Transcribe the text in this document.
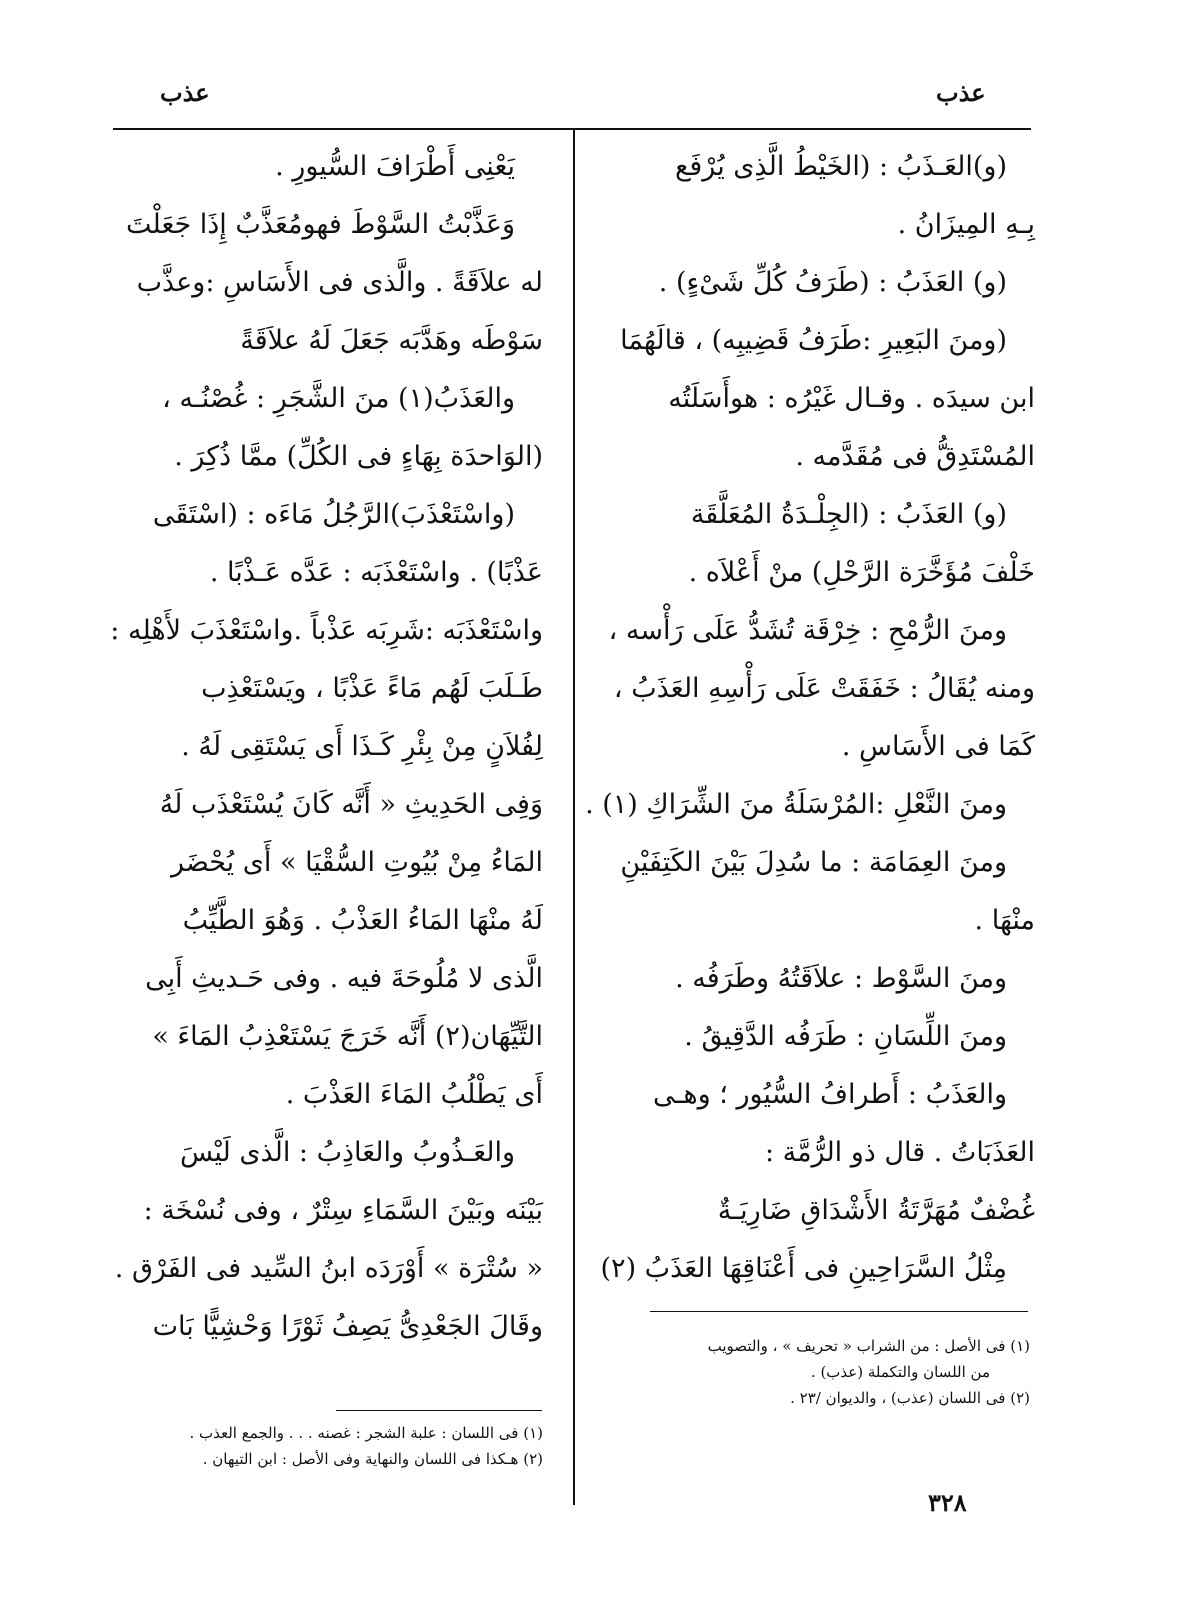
عذب
عذب
(و)العَـذَبُ : (الخَيْطُ الَّذِى يُرْفَع
بِـهِ المِيزَانُ .
(و) العَذَبُ : (طَرَفُ كُلِّ شَىْءٍ) .
(ومنَ البَعِيرِ :طَرَفُ قَضِيبِه) ، قالَهُمَا
ابن سيدَه . وقـال غَيْرُه : هوأَسَلَتُه
المُسْتَدِقُّ فى مُقَدَّمه .
(و) العَذَبُ : (الجِلْـدَةُ المُعَلَّقَة
خَلْفَ مُؤَخَّرَة الرَّحْلِ) منْ أَعْلاَه .
ومنَ الرُّمْحِ : خِرْقَة تُشَدُّ عَلَى رَأْسه ،
ومنه يُقَالُ : خَفَقَتْ عَلَى رَأْسِهِ العَذَبُ ،
كَمَا فى الأَسَاسِ .
ومنَ النَّعْلِ :المُرْسَلَةُ منَ الشِّرَاكِ (١) .
ومنَ العِمَامَة : ما سُدِلَ بَيْنَ الكَتِفَيْنِ
منْهَا .
ومنَ السَّوْط : علاَقَتُهُ وطَرَفُه .
ومنَ اللِّسَانِ : طَرَفُه الدَّقِيقُ .
والعَذَبُ : أَطرافُ السُّيُور ؛ وهـى
العَذَبَاتُ . قال ذو الرُّمَّة :
غُضْفٌ مُهَرَّتَةُ الأَشْدَاقِ ضَارِيَـةٌ
مِثْلُ السَّرَاحِينِ فى أَعْنَاقِهَا العَذَبُ (٢)
يَعْنِى أَطْرَافَ السُّيورِ .
وَعَذَّبْتُ السَّوْطَ فهومُعَذَّبٌ إِذَا جَعَلْتَ
له علاَقَةً . والَّذى فى الأَسَاسِ :وعذَّب
سَوْطَه وهَدَّبَه جَعَلَ لَهُ علاَقَةً
والعَذَبُ(١) منَ الشَّجَرِ : غُصْنُـه ،
(الوَاحدَة بِهَاءٍ فى الكُلِّ) ممَّا ذُكِرَ .
(واسْتَعْذَبَ)الرَّجُلُ مَاءَه : (اسْتَقَى
عَذْبًا) . واسْتَعْذَبَه : عَدَّه عَـذْبًا .
واسْتَعْذَبَه :شَرِبَه عَذْباً .واسْتَعْذَبَ لأَهْلِه :
طَـلَبَ لَهُم مَاءً عَذْبًا ، ويَسْتَعْذِب
لِفُلاَنٍ مِنْ بِئْرِ كَـذَا أَى يَسْتَقِى لَهُ .
وَفِى الحَدِيثِ « أَنَّه كَانَ يُسْتَعْذَب لَهُ
المَاءُ مِنْ بُيُوتِ السُّقْيَا » أَى يُحْضَر
لَهُ منْهَا المَاءُ العَذْبُ . وَهُوَ الطَّيِّبُ
الَّذى لا مُلُوحَةَ فيه . وفى حَـديثِ أَبِى
التَّيِّهَان(٢) أَنَّه خَرَجَ يَسْتَعْذِبُ المَاءَ »
أَى يَطْلُبُ المَاءَ العَذْبَ .
والعَـذُوبُ والعَاذِبُ : الَّذى لَيْسَ
بَيْنَه وبَيْنَ السَّمَاءِ سِتْرٌ ، وفى نُسْخَة :
« سُتْرَة » أَوْرَدَه ابنُ السِّيد فى الفَرْق .
وقَالَ الجَعْدِىُّ يَصِفُ ثَوْرًا وَحْشِيًّا بَات
(١) فى الأصل : من الشراب « تحريف » ، والتصويب
من اللسان والتكملة (عذب) .
(٢) فى اللسان (عذب) ، والديوان /٢٣ .
(١) فى اللسان : علبة الشجر : غصنه . . . والجمع العذب .
(٢) هـكذا فى اللسان والنهاية وفى الأصل : ابن التيهان .
٣٢٨
